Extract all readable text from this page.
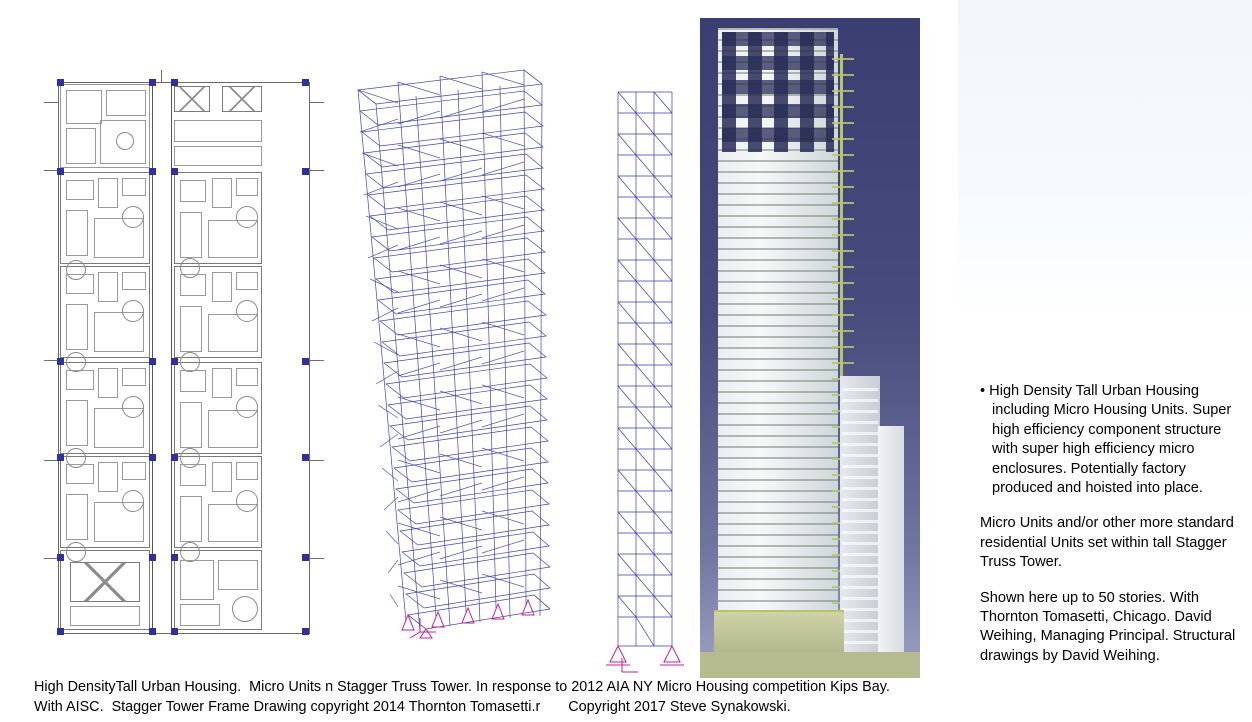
• High Density Tall Urban Housing including Micro Housing Units. Super high efficiency component structure with super high efficiency micro enclosures. Potentially factory produced and hoisted into place.

Micro Units and/or other more standard residential Units set within tall Stagger Truss Tower.

Shown here up to 50 stories. With Thornton Tomasetti, Chicago. David Weihing, Managing Principal. Structural drawings by David Weihing.

High DensityTall Urban Housing.  Micro Units n Stagger Truss Tower. In response to 2012 AIA NY Micro Housing competition Kips Bay.
With AISC.  Stagger Tower Frame Drawing copyright 2014 Thornton Tomasetti.r       Copyright 2017 Steve Synakowski.
